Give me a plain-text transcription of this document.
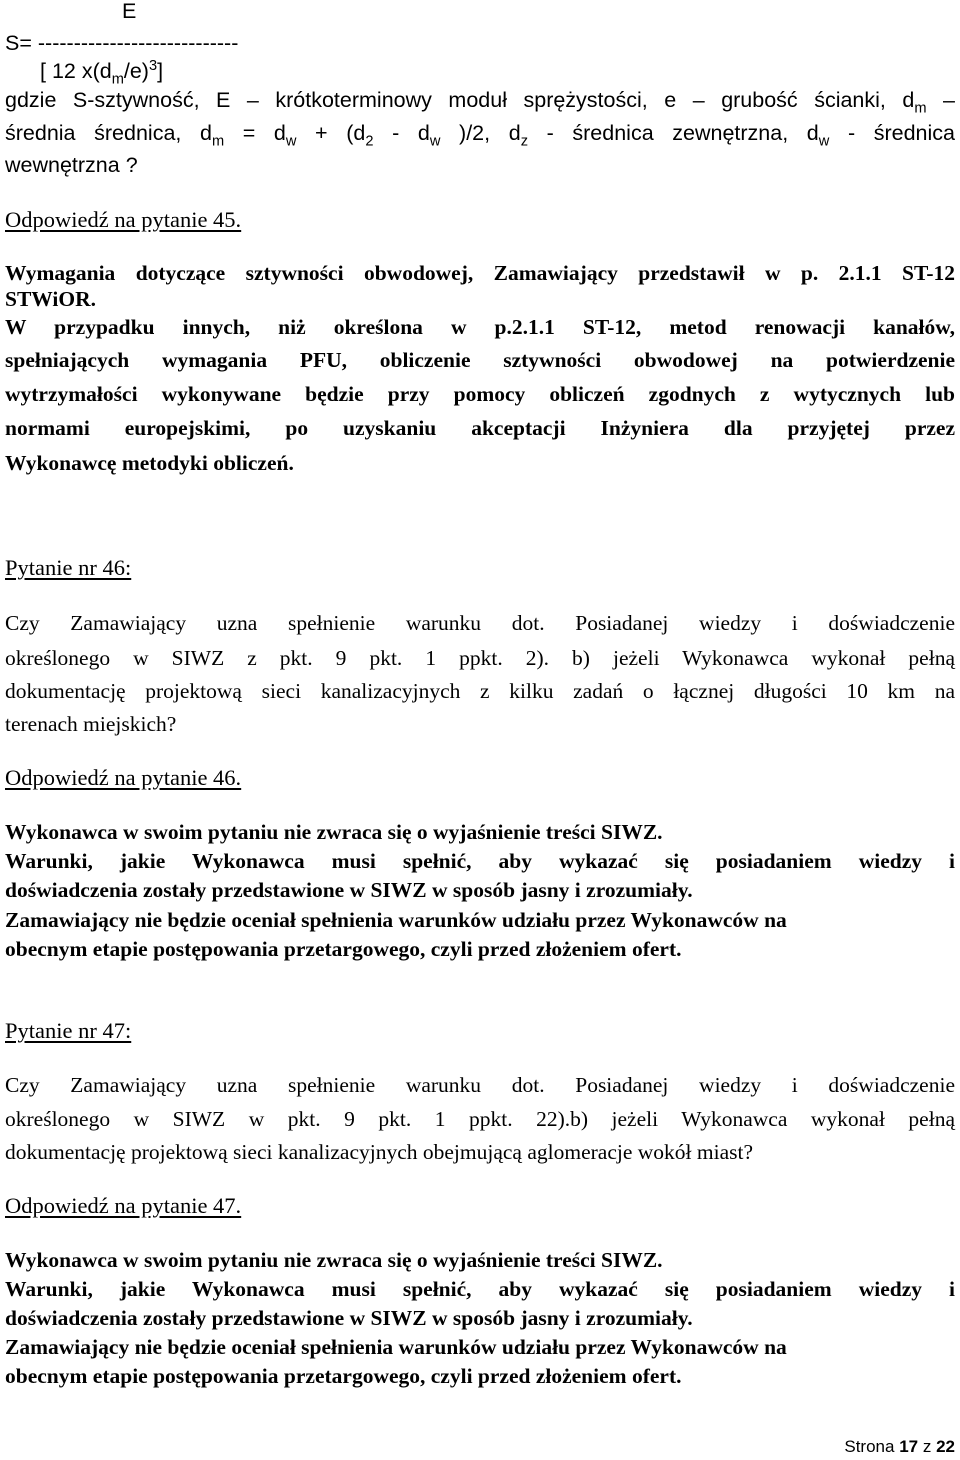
E
S= ----------------------------
[ 12 $x(d_m/e)^3$]
gdzie S-sztywność, E – krótkoterminowy moduł sprężystości, e – grubość ścianki, $d_m$ –
średnia średnica, $d_m = d_w + (d_2 - d_w$ )/2, $d_z$ - średnica zewnętrzna, $d_w$ - średnica
wewnętrzna ?
Odpowiedź na pytanie 45.
Wymagania dotyczące sztywności obwodowej, Zamawiający przedstawił w p. 2.1.1 ST-12
STWiOR.
W przypadku innych, niż określona w p.2.1.1 ST-12, metod renowacji kanałów,
spełniających wymagania PFU, obliczenie sztywności obwodowej na potwierdzenie
wytrzymałości wykonywane będzie przy pomocy obliczeń zgodnych z wytycznych lub
normami europejskimi, po uzyskaniu akceptacji Inżyniera dla przyjętej przez
Wykonawcę metodyki obliczeń.
Pytanie nr 46:
Czy Zamawiający uzna spełnienie warunku dot. Posiadanej wiedzy i doświadczenie
określonego w SIWZ z pkt. 9 pkt. 1 ppkt. 2). b) jeżeli Wykonawca wykonał pełną
dokumentację projektową sieci kanalizacyjnych z kilku zadań o łącznej długości 10 km na
terenach miejskich?
Odpowiedź na pytanie 46.
Wykonawca w swoim pytaniu nie zwraca się o wyjaśnienie treści SIWZ.
Warunki, jakie Wykonawca musi spełnić, aby wykazać się posiadaniem wiedzy i
doświadczenia zostały przedstawione w SIWZ w sposób jasny i zrozumiały.
Zamawiający nie będzie oceniał spełnienia warunków udziału przez Wykonawców na
obecnym etapie postępowania przetargowego, czyli przed złożeniem ofert.
Pytanie nr 47:
Czy Zamawiający uzna spełnienie warunku dot. Posiadanej wiedzy i doświadczenie
określonego w SIWZ w pkt. 9 pkt. 1 ppkt. 22).b) jeżeli Wykonawca wykonał pełną
dokumentację projektową sieci kanalizacyjnych obejmującą aglomeracje wokół miast?
Odpowiedź na pytanie 47.
Wykonawca w swoim pytaniu nie zwraca się o wyjaśnienie treści SIWZ.
Warunki, jakie Wykonawca musi spełnić, aby wykazać się posiadaniem wiedzy i
doświadczenia zostały przedstawione w SIWZ w sposób jasny i zrozumiały.
Zamawiający nie będzie oceniał spełnienia warunków udziału przez Wykonawców na
obecnym etapie postępowania przetargowego, czyli przed złożeniem ofert.
Strona 17 z 22
